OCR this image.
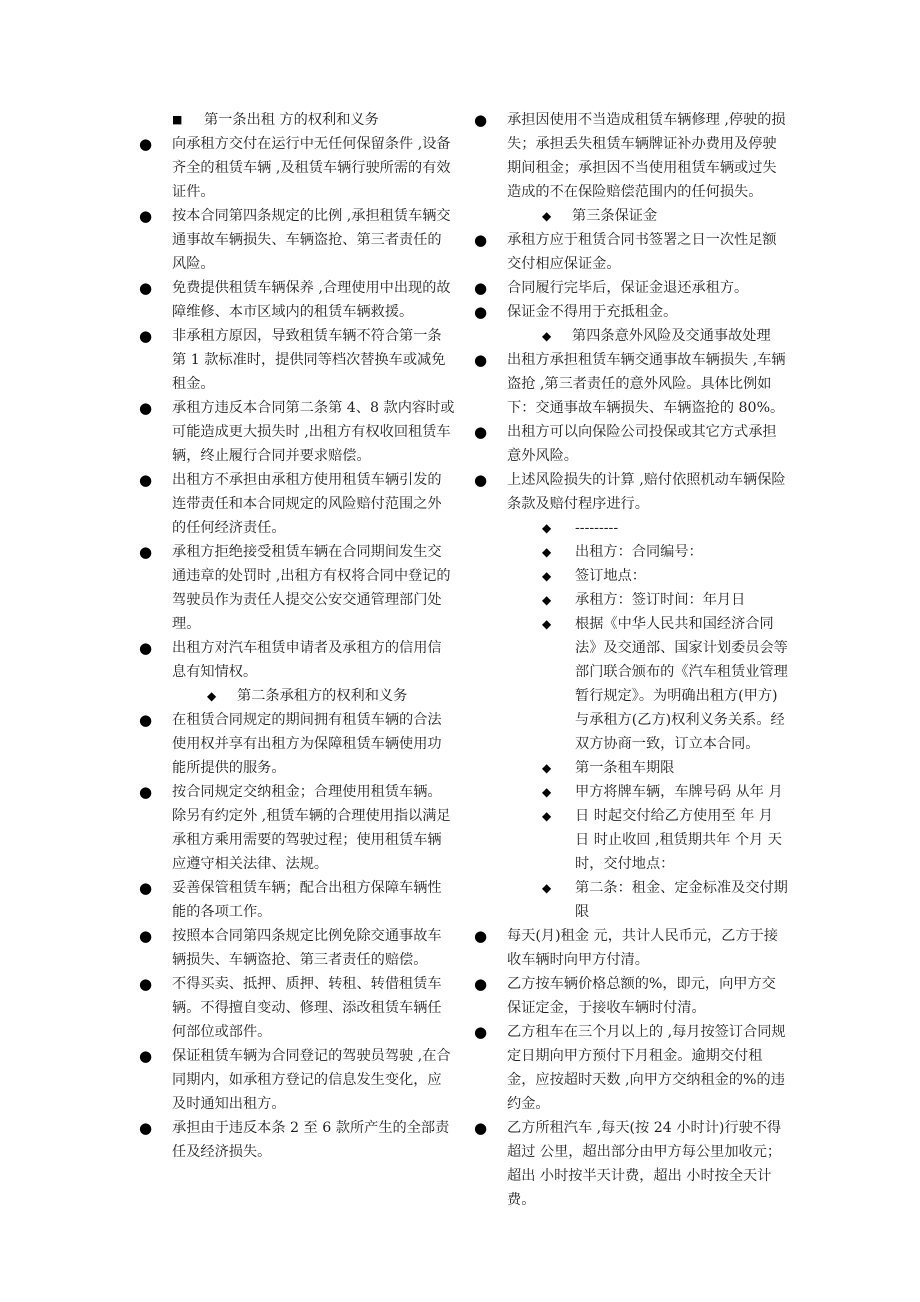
■ 第一条出租 方的权利和义务
● 向承租方交付在运行中无任何保留条件 ,设备齐全的租赁车辆 ,及租赁车辆行驶所需的有效证件。
● 按本合同第四条规定的比例 ,承担租赁车辆交通事故车辆损失、车辆盗抢、第三者责任的风险。
● 免费提供租赁车辆保养 ,合理使用中出现的故障维修、本市区域内的租赁车辆救援。
● 非承租方原因，导致租赁车辆不符合第一条第 1 款标准时，提供同等档次替换车或减免租金。
● 承租方违反本合同第二条第 4、8 款内容时或可能造成更大损失时 ,出租方有权收回租赁车辆，终止履行合同并要求赔偿。
● 出租方不承担由承租方使用租赁车辆引发的连带责任和本合同规定的风险赔付范围之外的任何经济责任。
● 承租方拒绝接受租赁车辆在合同期间发生交通违章的处罚时 ,出租方有权将合同中登记的驾驶员作为责任人提交公安交通管理部门处理。
● 出租方对汽车租赁申请者及承租方的信用信息有知情权。
◆ 第二条承租方的权利和义务
● 在租赁合同规定的期间拥有租赁车辆的合法使用权并享有出租方为保障租赁车辆使用功能所提供的服务。
● 按合同规定交纳租金；合理使用租赁车辆。除另有约定外 ,租赁车辆的合理使用指以满足承租方乘用需要的驾驶过程；使用租赁车辆应遵守相关法律、法规。
● 妥善保管租赁车辆；配合出租方保障车辆性能的各项工作。
● 按照本合同第四条规定比例免除交通事故车辆损失、车辆盗抢、第三者责任的赔偿。
● 不得买卖、抵押、质押、转租、转借租赁车辆。不得擅自变动、修理、添改租赁车辆任何部位或部件。
● 保证租赁车辆为合同登记的驾驶员驾驶 ,在合同期内，如承租方登记的信息发生变化，应及时通知出租方。
● 承担由于违反本条 2 至 6 款所产生的全部责任及经济损失。
● 承担因使用不当造成租赁车辆修理 ,停驶的损失；承担丢失租赁车辆牌证补办费用及停驶期间租金；承担因不当使用租赁车辆或过失造成的不在保险赔偿范围内的任何损失。
◆ 第三条保证金
● 承租方应于租赁合同书签署之日一次性足额交付相应保证金。
● 合同履行完毕后，保证金退还承租方。
● 保证金不得用于充抵租金。
◆ 第四条意外风险及交通事故处理
● 出租方承担租赁车辆交通事故车辆损失 ,车辆盗抢 ,第三者责任的意外风险。具体比例如下：交通事故车辆损失、车辆盗抢的 80%。
● 出租方可以向保险公司投保或其它方式承担意外风险。
● 上述风险损失的计算 ,赔付依照机动车辆保险条款及赔付程序进行。
◆ ---------
◆ 出租方：合同编号：
◆ 签订地点：
◆ 承租方：签订时间：年月日
◆ 根据《中华人民共和国经济合同法》及交通部、国家计划委员会等部门联合颁布的《汽车租赁业管理暂行规定》。为明确出租方(甲方)与承租方(乙方)权利义务关系。经双方协商一致，订立本合同。
◆ 第一条租车期限
◆ 甲方将牌车辆，车牌号码 从年 月
◆ 日 时起交付给乙方使用至 年 月 日 时止收回 ,租赁期共年 个月 天时，交付地点：
◆ 第二条：租金、定金标准及交付期限
● 每天(月)租金 元，共计人民币元，乙方于接收车辆时向甲方付清。
● 乙方按车辆价格总额的%，即元，向甲方交保证定金，于接收车辆时付清。
● 乙方租车在三个月以上的 ,每月按签订合同规定日期向甲方预付下月租金。逾期交付租金，应按超时天数 ,向甲方交纳租金的%的违约金。
● 乙方所租汽车 ,每天(按 24 小时计)行驶不得超过 公里，超出部分由甲方每公里加收元；超出 小时按半天计费，超出 小时按全天计费。
